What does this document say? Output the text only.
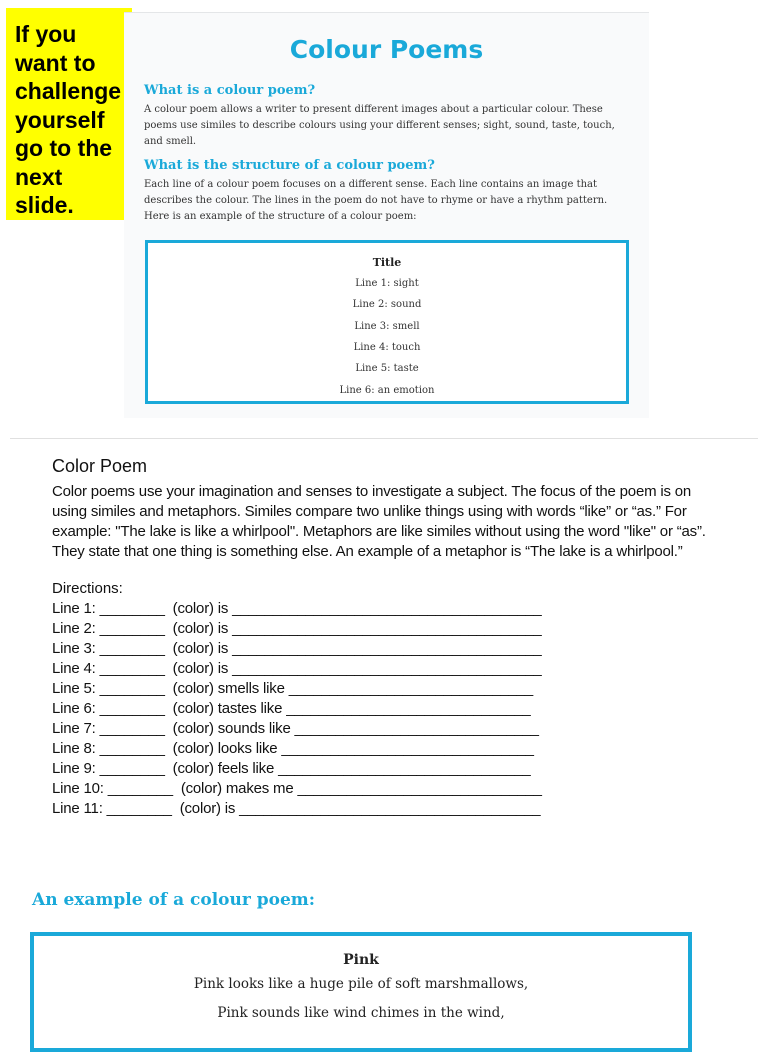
If you
want to
challenge
yourself
go to the
next
slide.
Colour Poems
What is a colour poem?
A colour poem allows a writer to present different images about a particular colour. These
poems use similes to describe colours using your different senses; sight, sound, taste, touch,
and smell.
What is the structure of a colour poem?
Each line of a colour poem focuses on a different sense. Each line contains an image that
describes the colour. The lines in the poem do not have to rhyme or have a rhythm pattern.
Here is an example of the structure of a colour poem:
Title
Line 1: sight
Line 2: sound
Line 3: smell
Line 4: touch
Line 5: taste
Line 6: an emotion
Color Poem
Color poems use your imagination and senses to investigate a subject. The focus of the poem is on
using similes and metaphors. Similes compare two unlike things using with words “like” or “as.” For
example: "The lake is like a whirlpool". Metaphors are like similes without using the word "like" or “as”.
They state that one thing is something else. An example of a metaphor is “The lake is a whirlpool.”
Directions:
Line 1: ________  (color) is ______________________________________
Line 2: ________  (color) is ______________________________________
Line 3: ________  (color) is ______________________________________
Line 4: ________  (color) is ______________________________________
Line 5: ________  (color) smells like ______________________________
Line 6: ________  (color) tastes like ______________________________
Line 7: ________  (color) sounds like ______________________________
Line 8: ________  (color) looks like _______________________________
Line 9: ________  (color) feels like _______________________________
Line 10: ________  (color) makes me ______________________________
Line 11: ________  (color) is _____________________________________
An example of a colour poem:
Pink
Pink looks like a huge pile of soft marshmallows,
Pink sounds like wind chimes in the wind,
